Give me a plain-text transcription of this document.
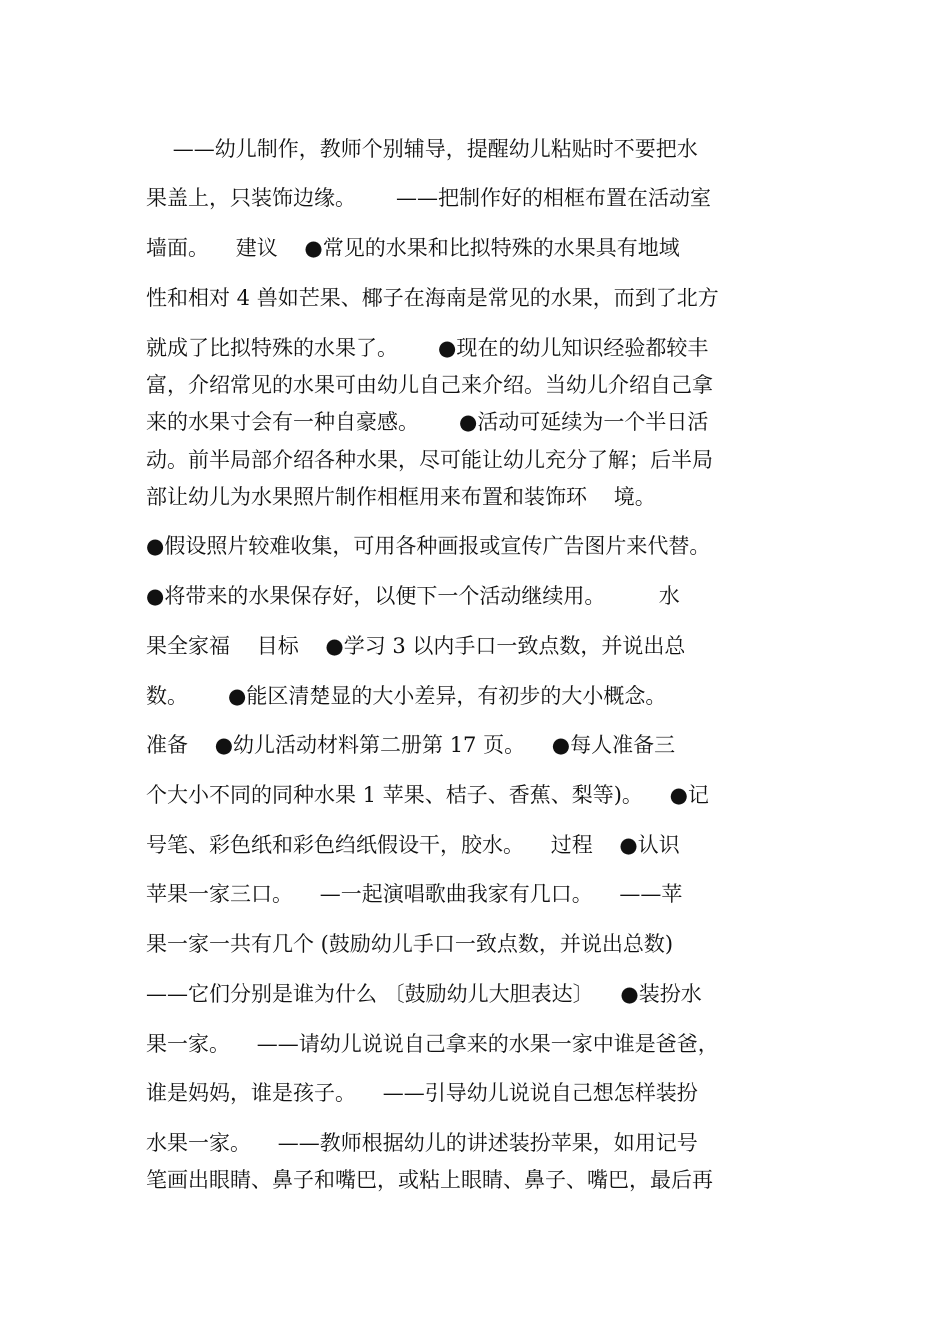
——幼儿制作，教师个别辅导，提醒幼儿粘贴时不要把水
果盖上，只装饰边缘。      ——把制作好的相框布置在活动室
墙面。    建议    ●常见的水果和比拟特殊的水果具有地域
性和相对 4 兽如芒果、椰子在海南是常见的水果，而到了北方
就成了比拟特殊的水果了。      ●现在的幼儿知识经验都较丰
富，介绍常见的水果可由幼儿自己来介绍。当幼儿介绍自己拿
来的水果寸会有一种自豪感。      ●活动可延续为一个半日活
动。前半局部介绍各种水果，尽可能让幼儿充分了解；后半局
部让幼儿为水果照片制作相框用来布置和装饰环    境。
●假设照片较难收集，可用各种画报或宣传广告图片来代替。
●将带来的水果保存好，以便下一个活动继续用。        水
果全家福    目标    ●学习 3 以内手口一致点数，并说出总
数。      ●能区清楚显的大小差异，有初步的大小概念。
准备    ●幼儿活动材料第二册第 17 页。    ●每人准备三
个大小不同的同种水果 1 苹果、桔子、香蕉、梨等)。    ●记
号笔、彩色纸和彩色绉纸假设干，胶水。    过程    ●认识
苹果一家三口。    —一起演唱歌曲我家有几口。    ——苹
果一家一共有几个 (鼓励幼儿手口一致点数，并说出总数)
——它们分别是谁为什么 〔鼓励幼儿大胆表达〕    ●装扮水
果一家。    ——请幼儿说说自己拿来的水果一家中谁是爸爸，
谁是妈妈，谁是孩子。    ——引导幼儿说说自己想怎样装扮
水果一家。    ——教师根据幼儿的讲述装扮苹果，如用记号
笔画出眼睛、鼻子和嘴巴，或粘上眼睛、鼻子、嘴巴，最后再
